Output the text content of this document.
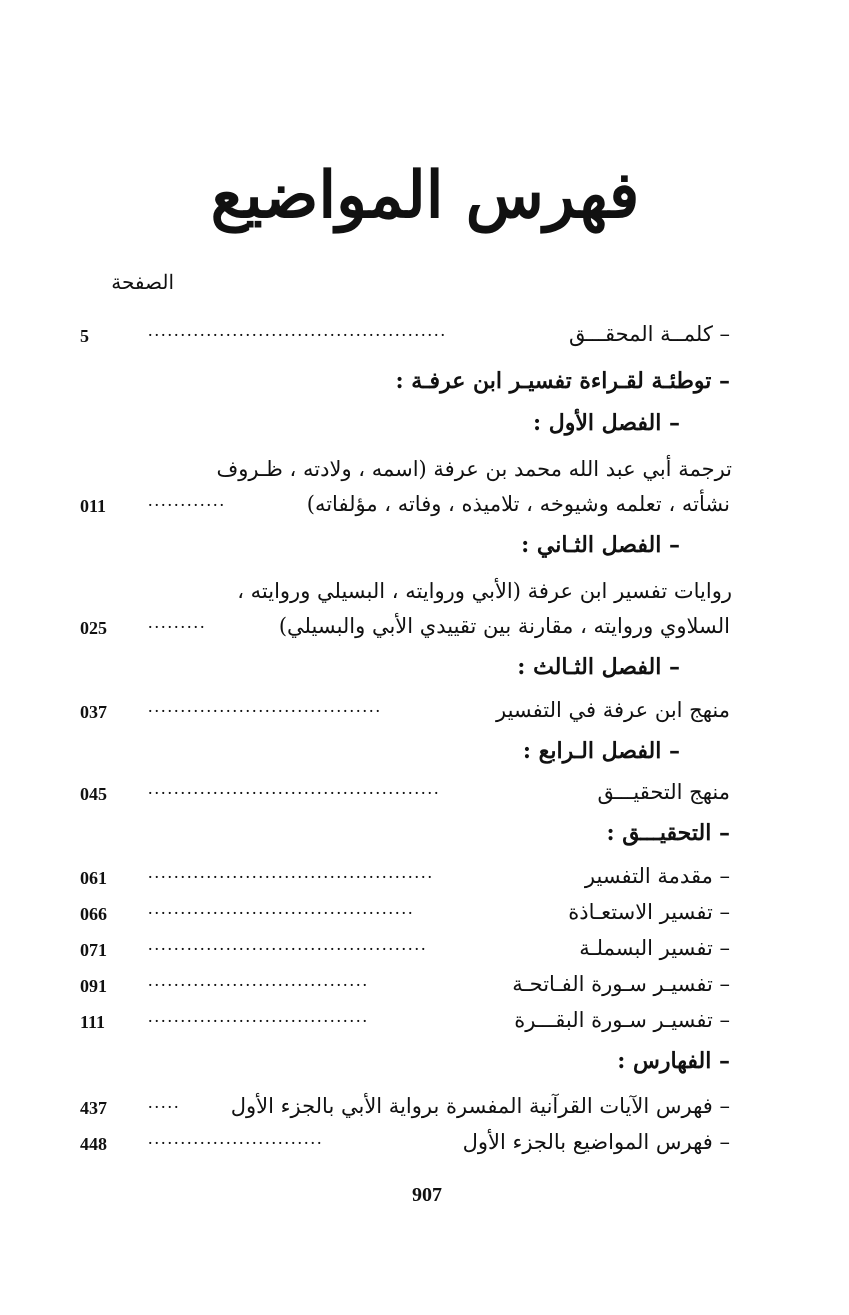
فهرس المواضيع
الصفحة
5	..............................................	– كلمــة المحقـــق
– توطئـة لقـراءة تفسيـر ابن عرفـة :
– الفصل الأول :
ترجمة أبي عبد الله محمد بن عرفة (اسمه ، ولادته ، ظـروف
011	............	نشأته ، تعلمه وشيوخه ، تلاميذه ، وفاته ، مؤلفاته)
– الفصل الثـاني :
روايات تفسير ابن عرفة (الأبي وروايته ، البسيلي وروايته ،
025	.........	السلاوي وروايته ، مقارنة بين تقييدي الأبي والبسيلي)
– الفصل الثـالث :
037	....................................	منهج ابن عرفة في التفسير
– الفصل الـرابع :
045	.............................................	منهج التحقيـــق
– التحقيـــق :
061	............................................	– مقدمة التفسير
066	.........................................	– تفسير الاستعـاذة
071	...........................................	– تفسير البسملـة
091	..................................	– تفسيـر سـورة الفـاتحـة
111	..................................	– تفسيـر سـورة البقـــرة
– الفهارس :
437	.....	– فهرس الآيات القرآنية المفسرة برواية الأبي بالجزء الأول
448	...........................	– فهرس المواضيع بالجزء الأول
907
